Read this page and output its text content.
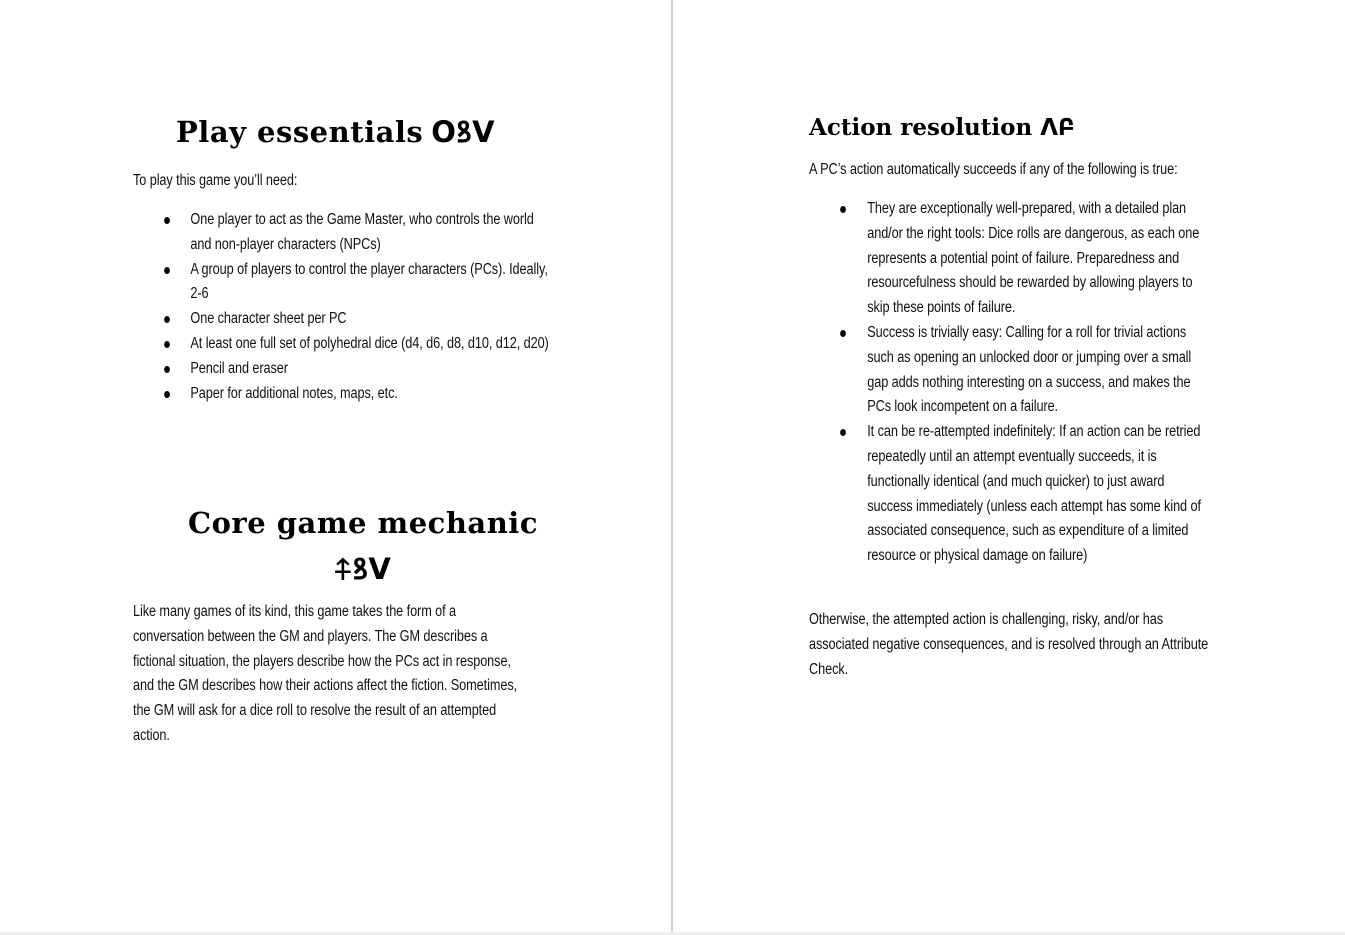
Play essentials ОꝸV
To play this game you’ll need:
One player to act as the Game Master, who controls the world and non-player characters (NPCs)
A group of players to control the player characters (PCs). Ideally, 2-6
One character sheet per PC
At least one full set of polyhedral dice (d4, d6, d8, d10, d12, d20)
Pencil and eraser
Paper for additional notes, maps, etc.
Core game mechanic
⍏ꝸV
Like many games of its kind, this game takes the form of a conversation between the GM and players. The GM describes a fictional situation, the players describe how the PCs act in response, and the GM describes how their actions affect the fiction. Sometimes, the GM will ask for a dice roll to resolve the result of an attempted action.
Action resolution ΛԲ
A PC’s action automatically succeeds if any of the following is true:
They are exceptionally well-prepared, with a detailed plan and/or the right tools: Dice rolls are dangerous, as each one represents a potential point of failure. Preparedness and resourcefulness should be rewarded by allowing players to skip these points of failure.
Success is trivially easy: Calling for a roll for trivial actions such as opening an unlocked door or jumping over a small gap adds nothing interesting on a success, and makes the PCs look incompetent on a failure.
It can be re-attempted indefinitely: If an action can be retried repeatedly until an attempt eventually succeeds, it is functionally identical (and much quicker) to just award success immediately (unless each attempt has some kind of associated consequence, such as expenditure of a limited resource or physical damage on failure)
Otherwise, the attempted action is challenging, risky, and/or has associated negative consequences, and is resolved through an Attribute Check.
